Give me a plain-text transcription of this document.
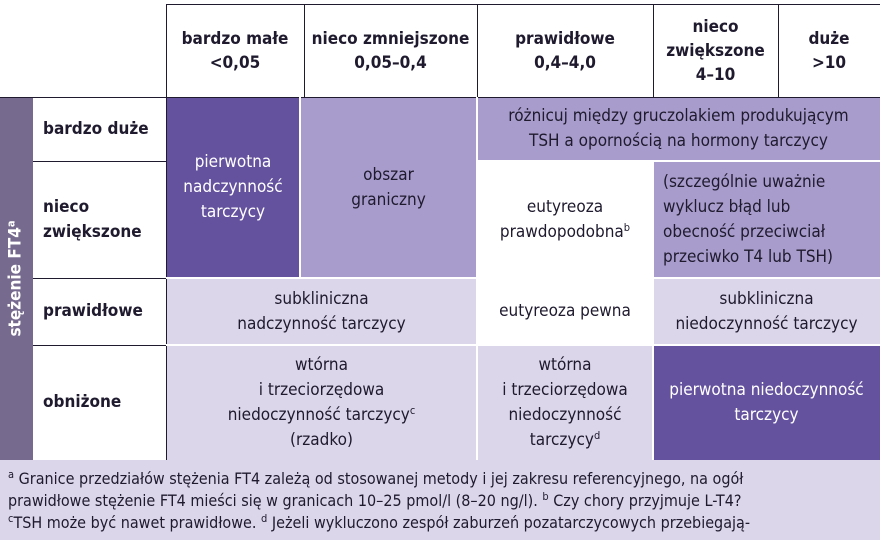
bardzo małe
<0,05
nieco zmniejszone
0,05–0,4
prawidłowe
0,4–4,0
nieco
zwiększone
4–10
duże
>10
stężenie FT4$^a$
bardzo duże
nieco
zwiększone
prawidłowe
obniżone
pierwotna
nadczynność
tarczycy
obszar
graniczny
różnicuj między gruczolakiem produkującym
TSH a opornością na hormony tarczycy
eutyreoza
prawdopodobna$^b$
(szczególnie uważnie
wyklucz błąd lub
obecność przeciwciał
przeciwko T4 lub TSH)
subkliniczna
nadczynność tarczycy
eutyreoza pewna
subkliniczna
niedoczynność tarczycy
wtórna
i trzeciorzędowa
niedoczynność tarczycy$^c$
(rzadko)
wtórna
i trzeciorzędowa
niedoczynność
tarczycy$^d$
pierwotna niedoczynność
tarczycy

$^a$ Granice przedziałów stężenia FT4 zależą od stosowanej metody i jej zakresu referencyjnego, na ogół

prawidłowe stężenie FT4 mieści się w granicach 10–25 pmol/l (8–20 ng/l). $^b$ Czy chory przyjmuje L-T4?

$^c$TSH może być nawet prawidłowe. $^d$ Jeżeli wykluczono zespół zaburzeń pozatarczycowych przebiegają-
